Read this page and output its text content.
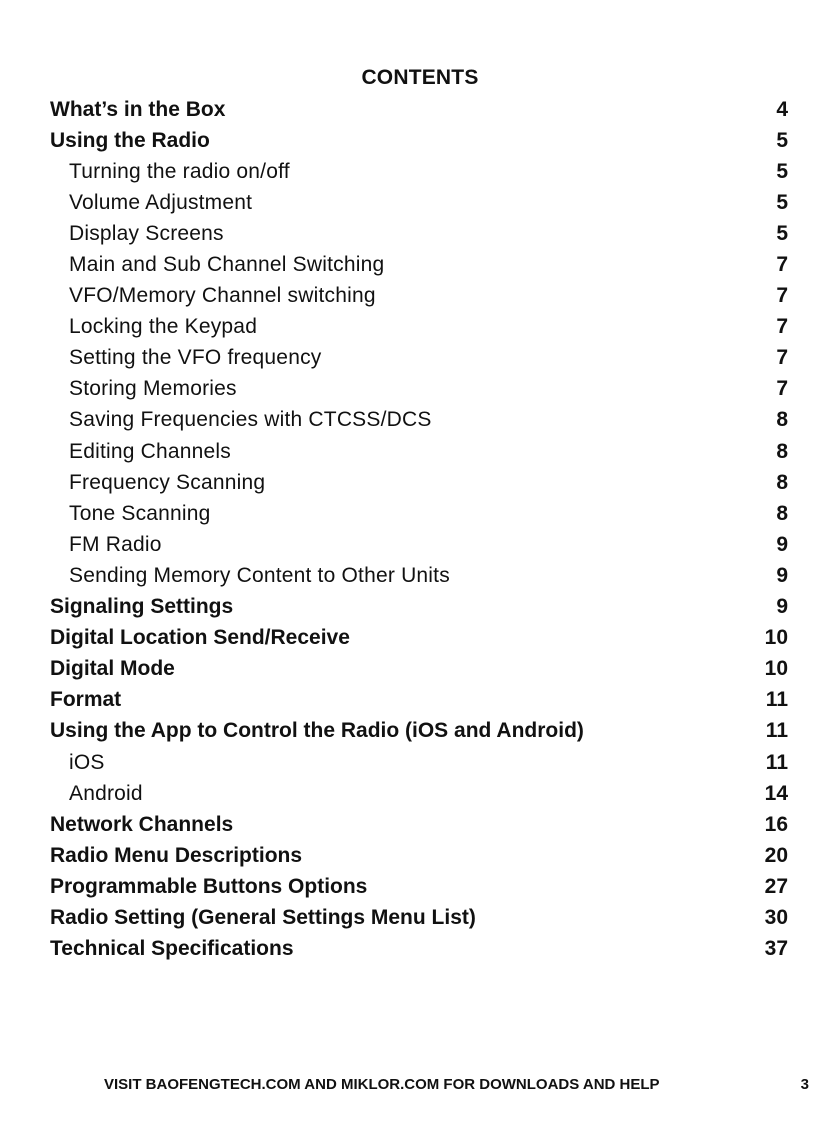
CONTENTS
What’s in the Box	4
Using the Radio	5
Turning the radio on/off	5
Volume Adjustment	5
Display Screens	5
Main and Sub Channel Switching	7
VFO/Memory Channel switching	7
Locking the Keypad	7
Setting the VFO frequency	7
Storing Memories	7
Saving Frequencies with CTCSS/DCS	8
Editing Channels	8
Frequency Scanning	8
Tone Scanning	8
FM Radio	9
Sending Memory Content to Other Units	9
Signaling Settings	9
Digital Location Send/Receive	10
Digital Mode	10
Format	11
Using the App to Control the Radio (iOS and Android)	11
iOS	11
Android	14
Network Channels	16
Radio Menu Descriptions	20
Programmable Buttons Options	27
Radio Setting (General Settings Menu List)	30
Technical Specifications	37
VISIT BAOFENGTECH.COM AND MIKLOR.COM FOR DOWNLOADS AND HELP	3
